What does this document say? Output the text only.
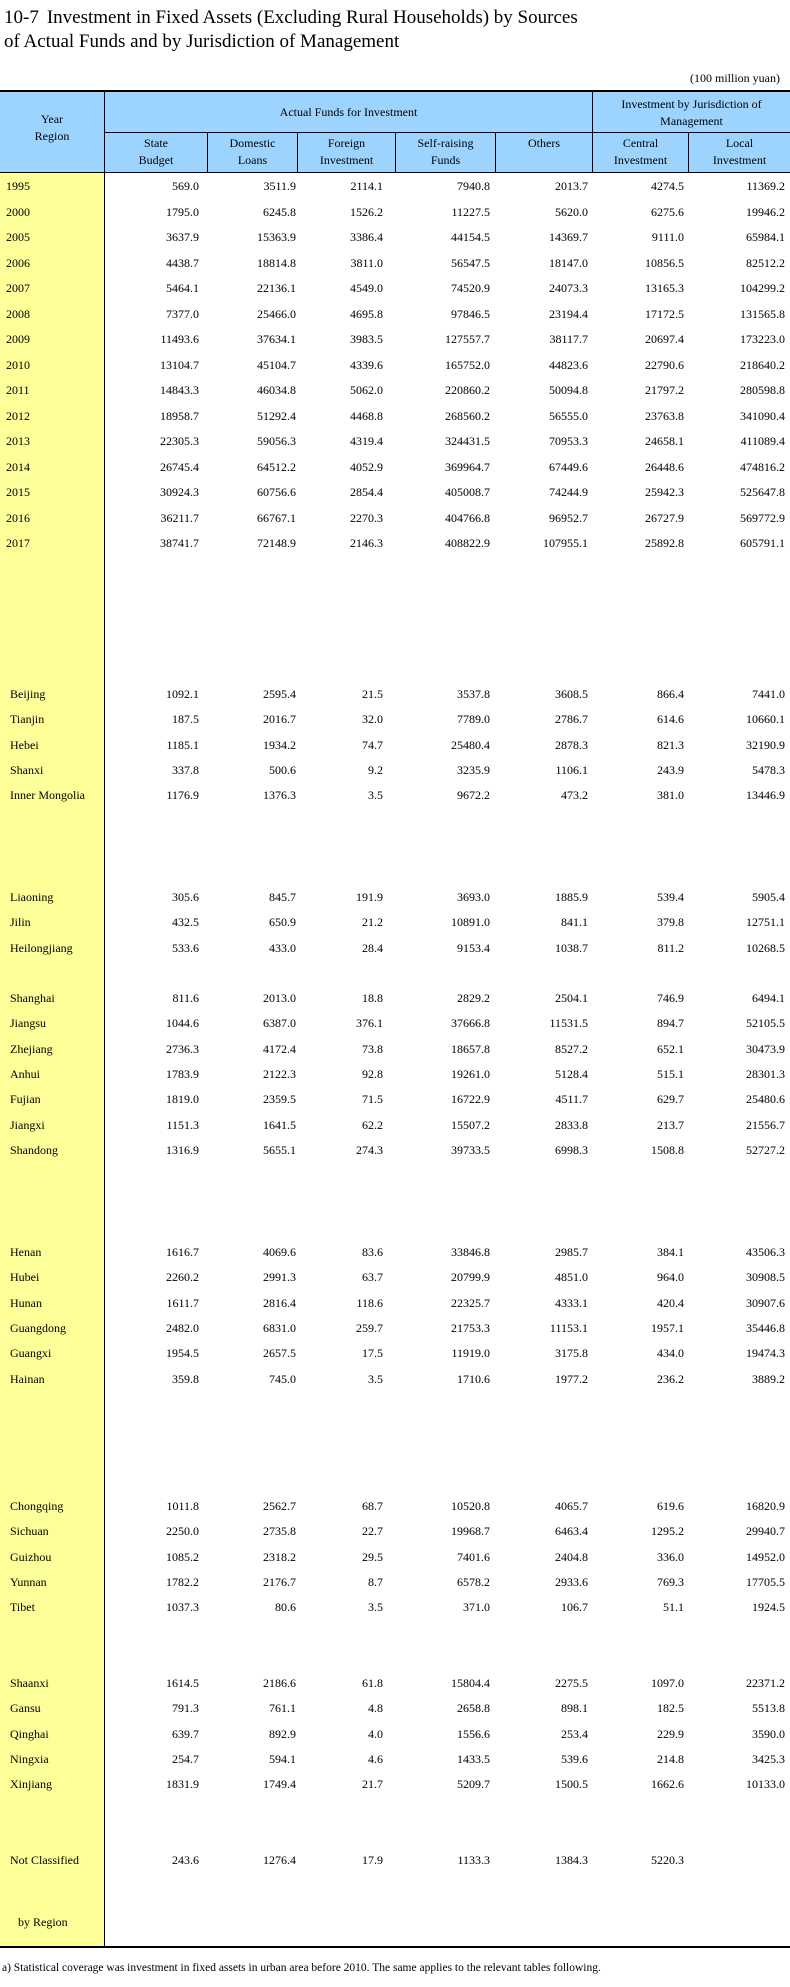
10-7 Investment in Fixed Assets (Excluding Rural Households) by Sources
of Actual Funds and by Jurisdiction of Management
(100 million yuan)
Year
Region
Actual Funds for Investment
Investment by Jurisdiction of
Management
State
Budget
Domestic
Loans
Foreign
Investment
Self-raising
Funds
Others	Central
Investment
Local
Investment
1995	569.0	3511.9	2114.1	7940.8	2013.7	4274.5	11369.2
2000	1795.0	6245.8	1526.2	11227.5	5620.0	6275.6	19946.2
2005	3637.9	15363.9	3386.4	44154.5	14369.7	9111.0	65984.1
2006	4438.7	18814.8	3811.0	56547.5	18147.0	10856.5	82512.2
2007	5464.1	22136.1	4549.0	74520.9	24073.3	13165.3	104299.2
2008	7377.0	25466.0	4695.8	97846.5	23194.4	17172.5	131565.8
2009	11493.6	37634.1	3983.5	127557.7	38117.7	20697.4	173223.0
2010	13104.7	45104.7	4339.6	165752.0	44823.6	22790.6	218640.2
2011	14843.3	46034.8	5062.0	220860.2	50094.8	21797.2	280598.8
2012	18958.7	51292.4	4468.8	268560.2	56555.0	23763.8	341090.4
2013	22305.3	59056.3	4319.4	324431.5	70953.3	24658.1	411089.4
2014	26745.4	64512.2	4052.9	369964.7	67449.6	26448.6	474816.2
2015	30924.3	60756.6	2854.4	405008.7	74244.9	25942.3	525647.8
2016	36211.7	66767.1	2270.3	404766.8	96952.7	26727.9	569772.9
2017	38741.7	72148.9	2146.3	408822.9	107955.1	25892.8	605791.1
Beijing	1092.1	2595.4	21.5	3537.8	3608.5	866.4	7441.0
Tianjin	187.5	2016.7	32.0	7789.0	2786.7	614.6	10660.1
Hebei	1185.1	1934.2	74.7	25480.4	2878.3	821.3	32190.9
Shanxi	337.8	500.6	9.2	3235.9	1106.1	243.9	5478.3
Inner Mongolia	1176.9	1376.3	3.5	9672.2	473.2	381.0	13446.9
Liaoning	305.6	845.7	191.9	3693.0	1885.9	539.4	5905.4
Jilin	432.5	650.9	21.2	10891.0	841.1	379.8	12751.1
Heilongjiang	533.6	433.0	28.4	9153.4	1038.7	811.2	10268.5
Shanghai	811.6	2013.0	18.8	2829.2	2504.1	746.9	6494.1
Jiangsu	1044.6	6387.0	376.1	37666.8	11531.5	894.7	52105.5
Zhejiang	2736.3	4172.4	73.8	18657.8	8527.2	652.1	30473.9
Anhui	1783.9	2122.3	92.8	19261.0	5128.4	515.1	28301.3
Fujian	1819.0	2359.5	71.5	16722.9	4511.7	629.7	25480.6
Jiangxi	1151.3	1641.5	62.2	15507.2	2833.8	213.7	21556.7
Shandong	1316.9	5655.1	274.3	39733.5	6998.3	1508.8	52727.2
Henan	1616.7	4069.6	83.6	33846.8	2985.7	384.1	43506.3
Hubei	2260.2	2991.3	63.7	20799.9	4851.0	964.0	30908.5
Hunan	1611.7	2816.4	118.6	22325.7	4333.1	420.4	30907.6
Guangdong	2482.0	6831.0	259.7	21753.3	11153.1	1957.1	35446.8
Guangxi	1954.5	2657.5	17.5	11919.0	3175.8	434.0	19474.3
Hainan	359.8	745.0	3.5	1710.6	1977.2	236.2	3889.2
Chongqing	1011.8	2562.7	68.7	10520.8	4065.7	619.6	16820.9
Sichuan	2250.0	2735.8	22.7	19968.7	6463.4	1295.2	29940.7
Guizhou	1085.2	2318.2	29.5	7401.6	2404.8	336.0	14952.0
Yunnan	1782.2	2176.7	8.7	6578.2	2933.6	769.3	17705.5
Tibet	1037.3	80.6	3.5	371.0	106.7	51.1	1924.5
Shaanxi	1614.5	2186.6	61.8	15804.4	2275.5	1097.0	22371.2
Gansu	791.3	761.1	4.8	2658.8	898.1	182.5	5513.8
Qinghai	639.7	892.9	4.0	1556.6	253.4	229.9	3590.0
Ningxia	254.7	594.1	4.6	1433.5	539.6	214.8	3425.3
Xinjiang	1831.9	1749.4	21.7	5209.7	1500.5	1662.6	10133.0
Not Classified	243.6	1276.4	17.9	1133.3	1384.3	5220.3
by Region
a) Statistical coverage was investment in fixed assets in urban area before 2010. The same applies to the relevant tables following.
